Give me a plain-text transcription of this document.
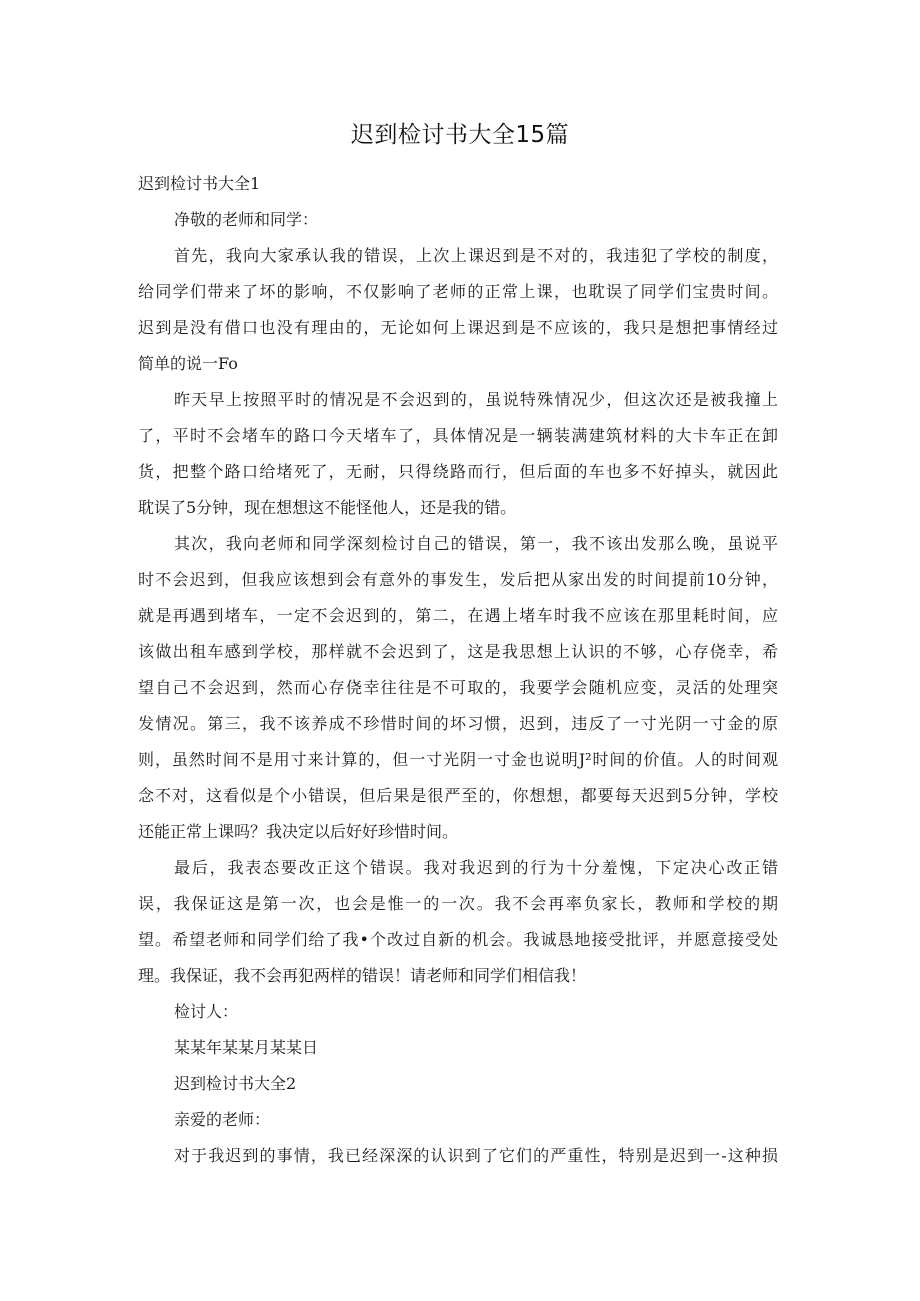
迟到检讨书大全15篇
迟到检讨书大全1
净敬的老师和同学：
首先，我向大家承认我的错误，上次上课迟到是不对的，我违犯了学校的制度，
给同学们带来了坏的影响，不仅影响了老师的正常上课，也耽误了同学们宝贵时间。
迟到是没有借口也没有理由的，无论如何上课迟到是不应该的，我只是想把事情经过
简单的说一Fo
昨天早上按照平时的情况是不会迟到的，虽说特殊情况少，但这次还是被我撞上
了，平时不会堵车的路口今天堵车了，具体情况是一辆装满建筑材料的大卡车正在卸
货，把整个路口给堵死了，无耐，只得绕路而行，但后面的车也多不好掉头，就因此
耽误了5分钟，现在想想这不能怪他人，还是我的错。
其次，我向老师和同学深刻检讨自己的错误，第一，我不该出发那么晚，虽说平
时不会迟到，但我应该想到会有意外的事发生，发后把从家出发的时间提前10分钟，
就是再遇到堵车，一定不会迟到的，第二，在遇上堵车时我不应该在那里耗时间，应
该做出租车感到学校，那样就不会迟到了，这是我思想上认识的不够，心存侥幸，希
望自己不会迟到，然而心存侥幸往往是不可取的，我要学会随机应变，灵活的处理突
发情况。第三，我不该养成不珍惜时间的坏习惯，迟到，违反了一寸光阴一寸金的原
则，虽然时间不是用寸来计算的，但一寸光阴一寸金也说明J²时间的价值。人的时间观
念不对，这看似是个小错误，但后果是很严至的，你想想，都要每天迟到5分钟，学校
还能正常上课吗？我决定以后好好珍惜时间。
最后，我表态要改正这个错误。我对我迟到的行为十分羞愧，下定决心改正错
误，我保证这是第一次，也会是惟一的一次。我不会再率负家长，教师和学校的期
望。希望老师和同学们给了我•个改过自新的机会。我诚恳地接受批评，并愿意接受处
理。我保证，我不会再犯两样的错误！请老师和同学们相信我！
检讨人：
某某年某某月某某日
迟到检讨书大全2
亲爱的老师：
对于我迟到的事情，我已经深深的认识到了它们的严重性，特别是迟到一-这种损
